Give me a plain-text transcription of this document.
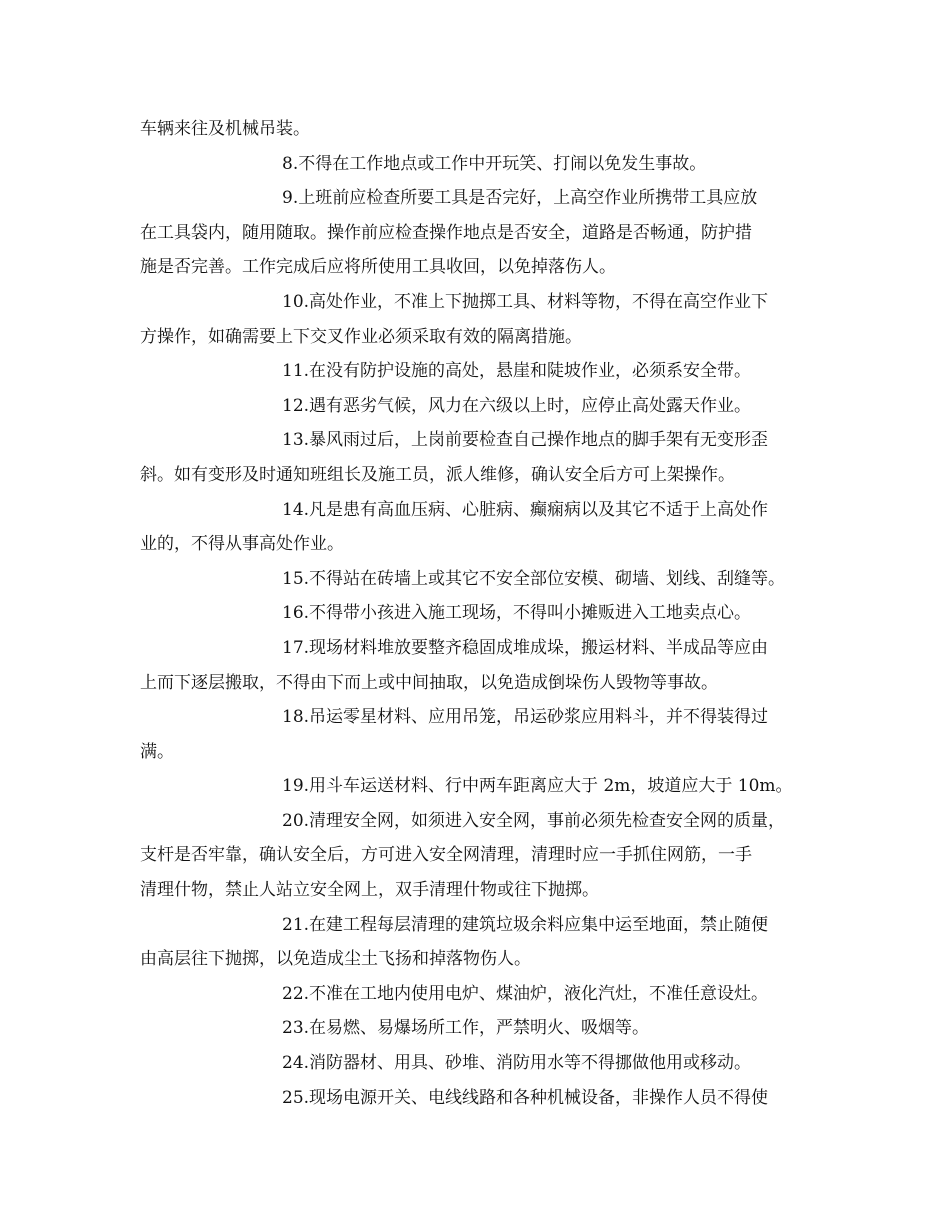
车辆来往及机械吊装。
8.不得在工作地点或工作中开玩笑、打闹以免发生事故。
9.上班前应检查所要工具是否完好，上高空作业所携带工具应放
在工具袋内，随用随取。操作前应检查操作地点是否安全，道路是否畅通，防护措
施是否完善。工作完成后应将所使用工具收回，以免掉落伤人。
10.高处作业，不准上下抛掷工具、材料等物，不得在高空作业下
方操作，如确需要上下交叉作业必须采取有效的隔离措施。
11.在没有防护设施的高处，悬崖和陡坡作业，必须系安全带。
12.遇有恶劣气候，风力在六级以上时，应停止高处露天作业。
13.暴风雨过后，上岗前要检查自己操作地点的脚手架有无变形歪
斜。如有变形及时通知班组长及施工员，派人维修，确认安全后方可上架操作。
14.凡是患有高血压病、心脏病、癫痫病以及其它不适于上高处作
业的，不得从事高处作业。
15.不得站在砖墙上或其它不安全部位安模、砌墙、划线、刮缝等。
16.不得带小孩进入施工现场，不得叫小摊贩进入工地卖点心。
17.现场材料堆放要整齐稳固成堆成垛，搬运材料、半成品等应由
上而下逐层搬取，不得由下而上或中间抽取，以免造成倒垛伤人毁物等事故。
18.吊运零星材料、应用吊笼，吊运砂浆应用料斗，并不得装得过
满。
19.用斗车运送材料、行中两车距离应大于 2m，坡道应大于 10m。
20.清理安全网，如须进入安全网，事前必须先检查安全网的质量，
支杆是否牢靠，确认安全后，方可进入安全网清理，清理时应一手抓住网筋，一手
清理什物，禁止人站立安全网上，双手清理什物或往下抛掷。
21.在建工程每层清理的建筑垃圾余料应集中运至地面，禁止随便
由高层往下抛掷，以免造成尘土飞扬和掉落物伤人。
22.不准在工地内使用电炉、煤油炉，液化汽灶，不准任意设灶。
23.在易燃、易爆场所工作，严禁明火、吸烟等。
24.消防器材、用具、砂堆、消防用水等不得挪做他用或移动。
25.现场电源开关、电线线路和各种机械设备，非操作人员不得使
